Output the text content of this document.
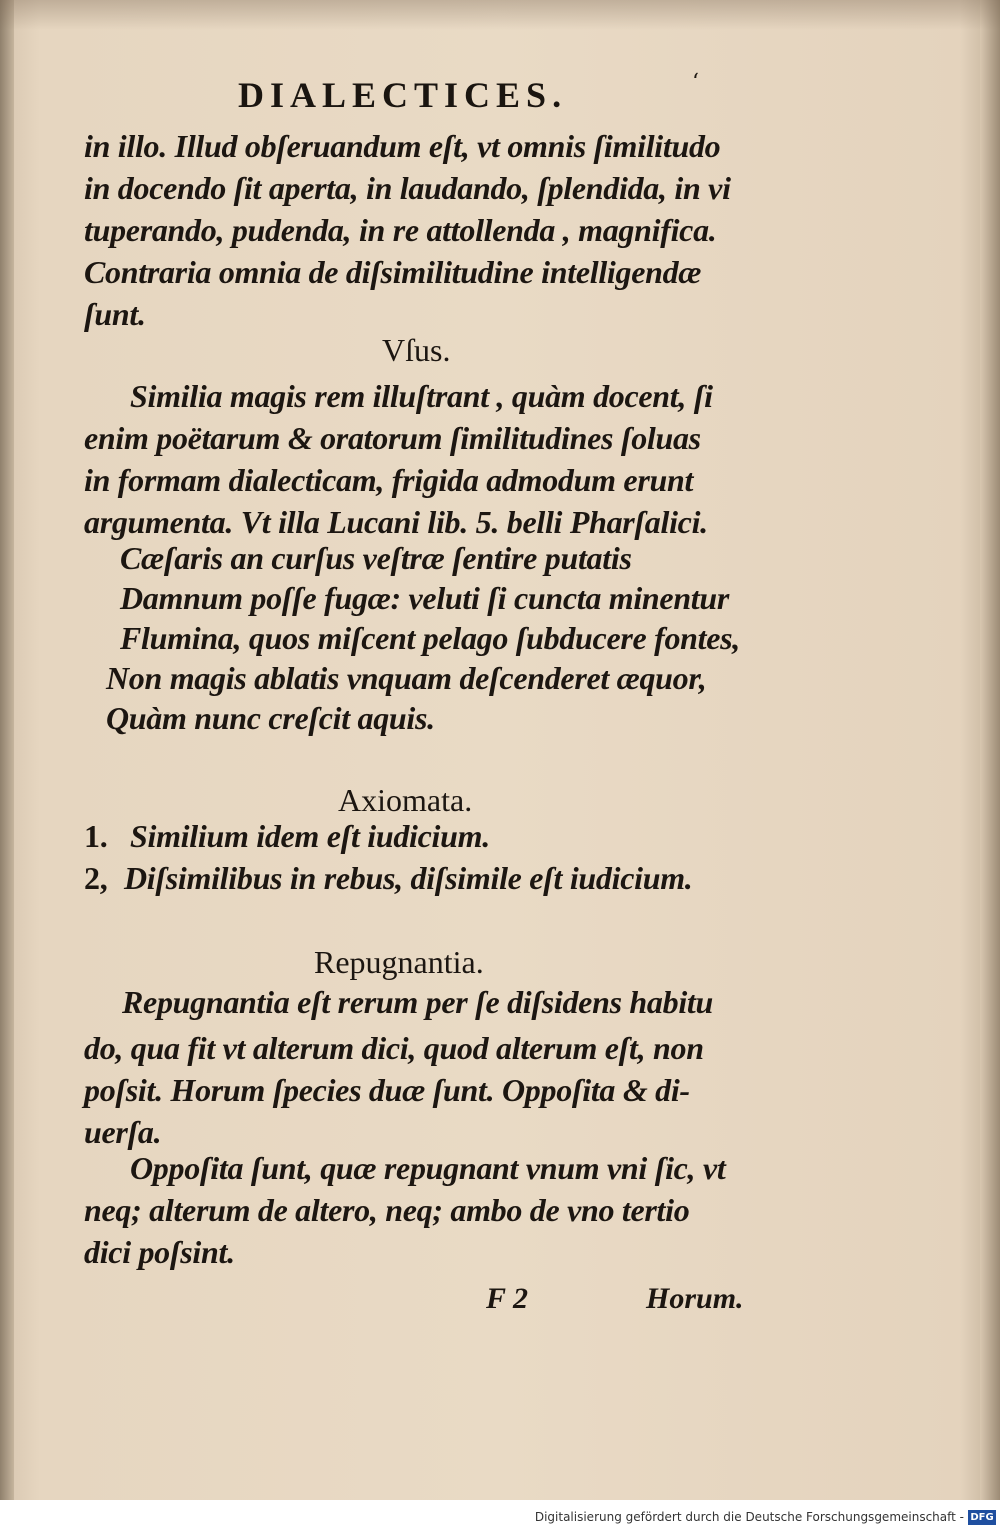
DIALECTICES.	‘
in illo. Illud obſeruandum eſt, vt omnis ſimilitudo
in docendo ſit aperta, in laudando, ſplendida, in vi
tuperando, pudenda, in re attollenda , magnifica.
Contraria omnia de diſsimilitudine intelligendæ
ſunt.
Vſus.
Similia magis rem illuſtrant , quàm docent, ſi
enim poëtarum & oratorum ſimilitudines ſoluas
in formam dialecticam, frigida admodum erunt
argumenta. Vt illa Lucani lib. 5. belli Pharſalici.
Cæſaris an curſus veſtræ ſentire putatis
Damnum poſſe fugæ: veluti ſi cuncta minentur
Flumina, quos miſcent pelago ſubducere fontes,
Non magis ablatis vnquam deſcenderet æquor,
Quàm nunc creſcit aquis.
Axiomata.
1. Similium idem eſt iudicium.
2, Diſsimilibus in rebus, diſsimile eſt iudicium.
Repugnantia.
Repugnantia eſt rerum per ſe diſsidens habitu
do, qua fit vt alterum dici, quod alterum eſt, non
poſsit. Horum ſpecies duæ ſunt. Oppoſita & di-
uerſa.
Oppoſita ſunt, quæ repugnant vnum vni ſic, vt
neq; alterum de altero, neq; ambo de vno tertio
dici poſsint.
F 2	Horum.
Digitalisierung gefördert durch die Deutsche Forschungsgemeinschaft - DFG
